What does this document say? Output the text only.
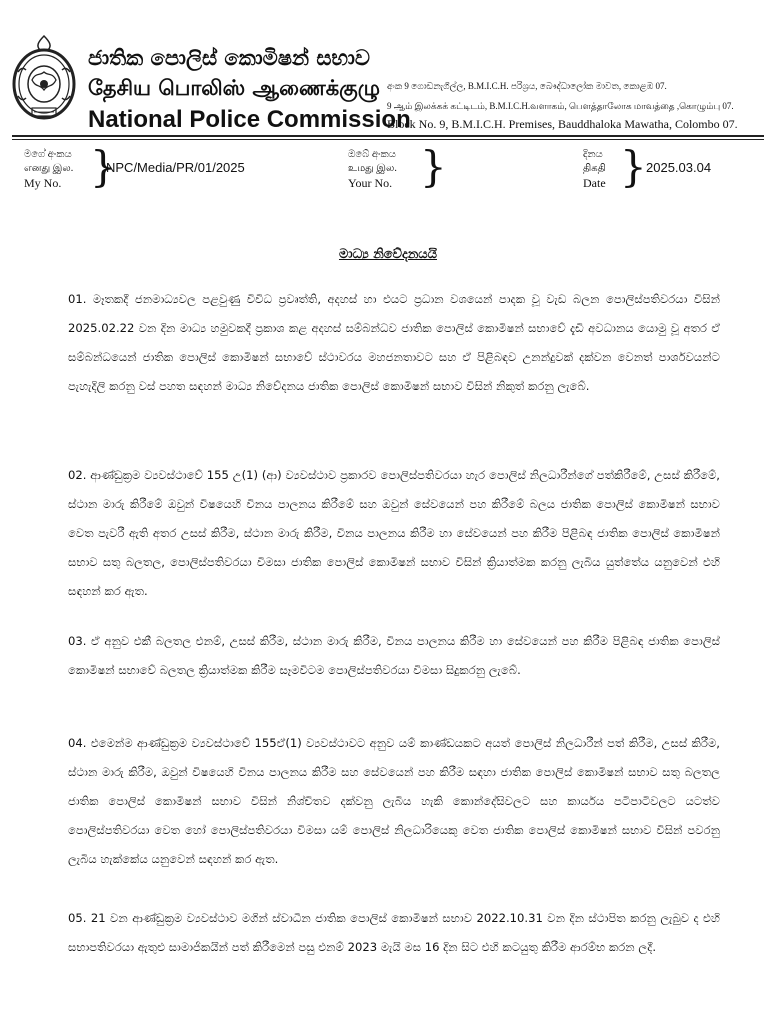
ජාතික පොලිස් කොමිෂන් සභාව
தேசிய பொலிஸ் ஆணைக்குழு
National Police Commission
අංක 9 ගොඩනැගිල්ල, B.M.I.C.H. පරිශ්‍රය, බෞද්ධාලෝක මාවත, කොළඹ 07.
9 ஆம் இலக்கக் கட்டிடம், B.M.I.C.H.வளாகம், பௌத்தாலோக மாவத்தை ,கொழும்பு 07.
Block No. 9, B.M.I.C.H. Premises, Bauddhaloka Mawatha, Colombo 07.
මගේ අංකය
எனது இல.
My No. }
NPC/Media/PR/01/2025
ඔබේ අංකය
உமது இல.
Your No. }	දිනය
திகதி
Date } 2025.03.04
මාධ්‍ය නිවේදනයයි

01. මෑතකදී ජනමාධ්‍යවල පළවුණු විවිධ ප්‍රවෘත්ති, අදහස් හා එයට ප්‍රධාන වශයෙන් පාදක වූ වැඩ බලන පොලිස්පතිවරයා විසින් 2025.02.22 වන දින මාධ්‍ය හමුවකදී ප්‍රකාශ කළ අදහස් සම්බන්ධව ජාතික පොලිස් කොමිෂන් සභාවේ දැඩි අවධානය යොමු වූ අතර ඒ සම්බන්ධයෙන් ජාතික පොලිස් කොමිෂන් සභාවේ ස්ථාවරය මහජනතාවට සහ ඒ පිළිබඳව උනන්දුවක් දක්වන වෙනත් පාර්ශවයන්ට පැහැදිලි කරනු වස් පහත සඳහන් මාධ්‍ය නිවේදනය ජාතික පොලිස් කොමිෂන් සභාව විසින් නිකුත් කරනු ලැබේ.

02. ආණ්ඩුක්‍රම ව්‍යවස්ථාවේ 155 උ(1) (ආ) ව්‍යවස්ථාව ප්‍රකාරව පොලිස්පතිවරයා හැර පොලිස් නිලධාරීන්ගේ පත්කිරීමේ, උසස් කිරීමේ, ස්ථාන මාරු කිරීමේ ඔවුන් විෂයෙහි විනය පාලනය කිරීමේ සහ ඔවුන් සේවයෙන් පහ කිරීමේ බලය ජාතික පොලිස් කොමිෂන් සභාව වෙත පැවරී ඇති අතර උසස් කිරීම, ස්ථාන මාරු කිරීම, විනය පාලනය කිරීම හා සේවයෙන් පහ කිරීම පිළිබඳ ජාතික පොලිස් කොමිෂන් සභාව සතු බලතල, පොලිස්පතිවරයා විමසා ජාතික පොලිස් කොමිෂන් සභාව විසින් ක්‍රියාත්මක කරනු ලැබිය යුත්තේය යනුවෙන් එහි සඳහන් කර ඇත.

03. ඒ අනුව එකී බලතල එනම්, උසස් කිරීම, ස්ථාන මාරු කිරීම, විනය පාලනය කිරීම හා සේවයෙන් පහ කිරීම පිළිබඳ ජාතික පොලිස් කොමිෂන් සභාවේ බලතල ක්‍රියාත්මක කිරීම සෑමවිටම පොලිස්පතිවරයා විමසා සිදුකරනු ලැබේ.

04. එමෙන්ම ආණ්ඩුක්‍රම ව්‍යවස්ථාවේ 155ඒ(1) ව්‍යවස්ථාවට අනුව යම් කාණ්ඩයකට අයත් පොලිස් නිලධාරීන් පත් කිරීම, උසස් කිරීම, ස්ථාන මාරු කිරීම, ඔවුන් විෂයෙහි විනය පාලනය කිරීම සහ සේවයෙන් පහ කිරීම සඳහා ජාතික පොලිස් කොමිෂන් සභාව සතු බලතල ජාතික පොලිස් කොමිෂන් සභාව විසින් නිශ්චිතව දක්වනු ලැබිය හැකි කොන්දේසිවලට සහ කාර්යය පටිපාටිවලට යටත්ව පොලිස්පතිවරයා වෙත හෝ පොලිස්පතිවරයා විමසා යම් පොලිස් නිලධාරියෙකු වෙත ජාතික පොලිස් කොමිෂන් සභාව විසින් පවරනු ලැබිය හැක්කේය යනුවෙන් සඳහන් කර ඇත.

05. 21 වන ආණ්ඩුක්‍රම ව්‍යවස්ථාව මගින් ස්වාධීන ජාතික පොලිස් කොමිෂන් සභාව 2022.10.31 වන දින ස්ථාපිත කරනු ලැබුව ද එහි සභාපතිවරයා ඇතුළු සාමාජිකයින් පත් කිරීමෙන් පසු එනම් 2023 මැයි මස 16 දින සිට එහි කටයුතු කිරීම ආරම්භ කරන ලදී.
